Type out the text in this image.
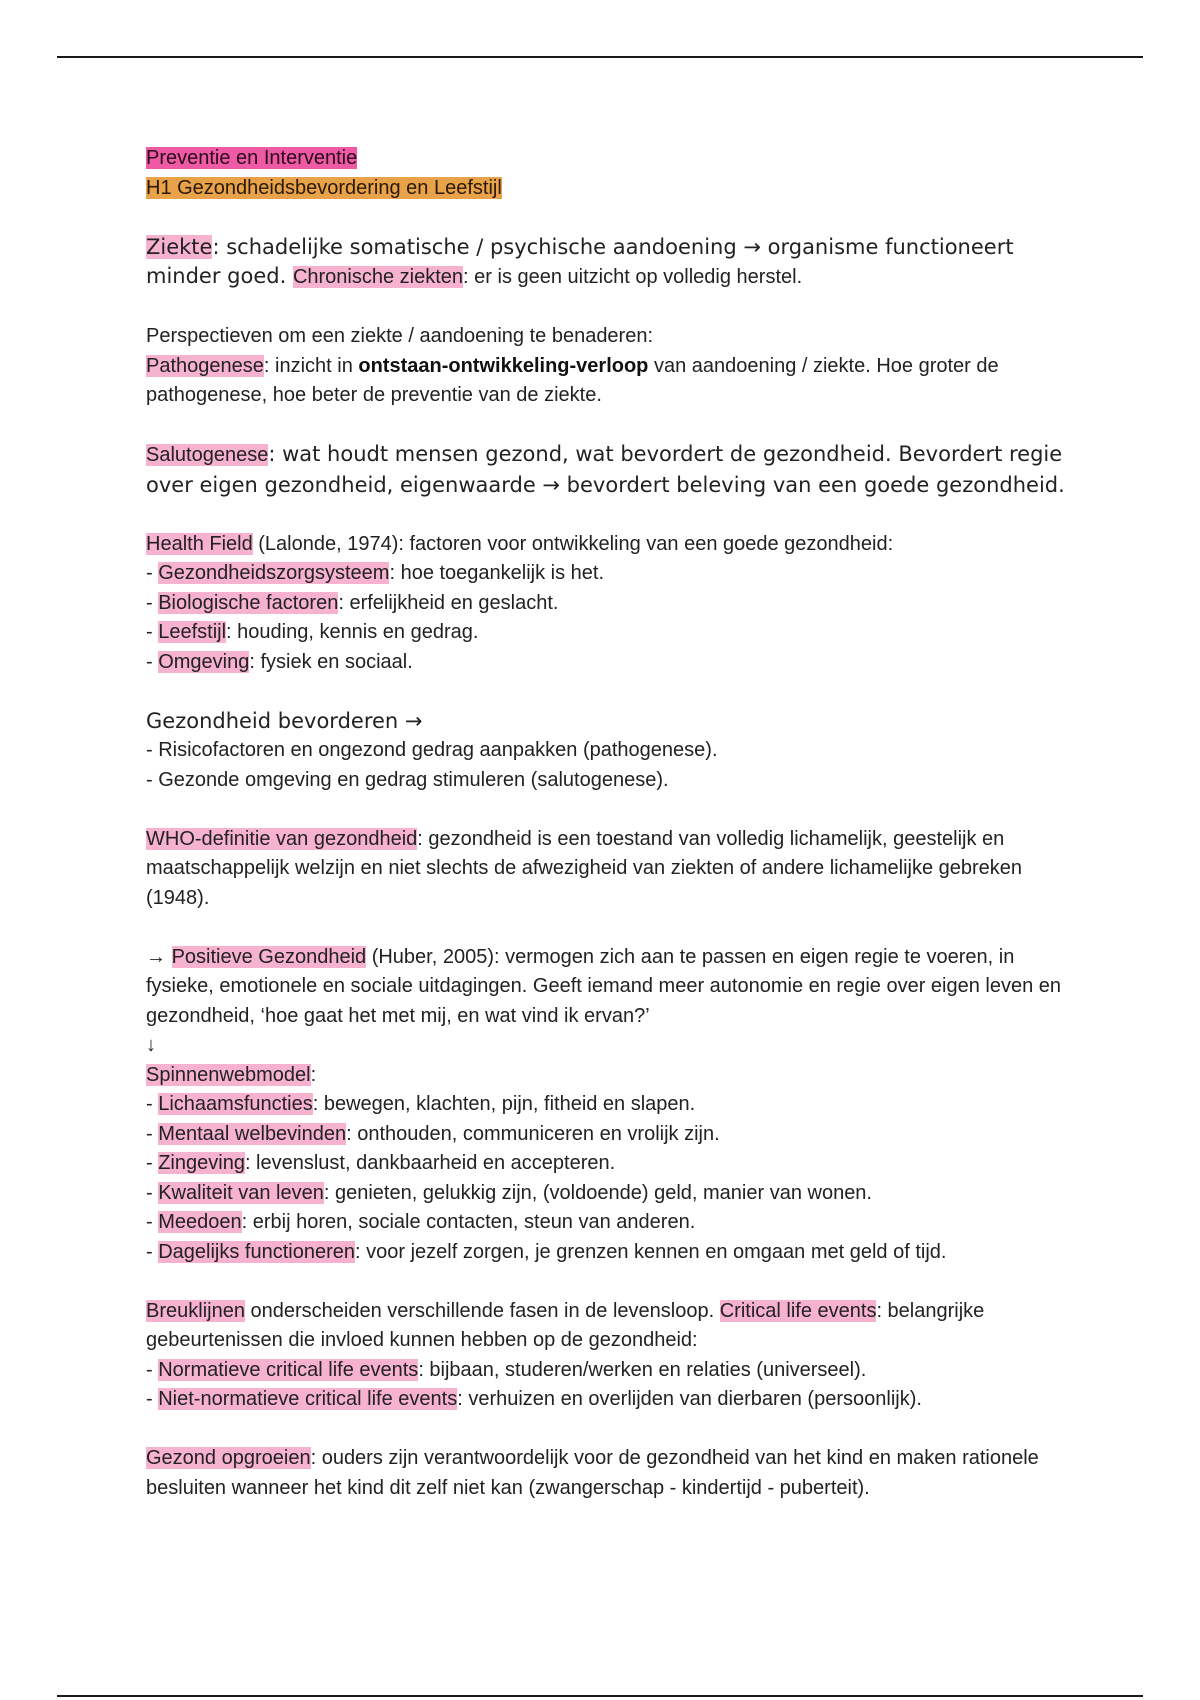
Preventie en Interventie

H1 Gezondheidsbevordering en Leefstijl

Ziekte: schadelijke somatische / psychische aandoening → organisme functioneert minder goed. Chronische ziekten: er is geen uitzicht op volledig herstel.

Perspectieven om een ziekte / aandoening te benaderen:

Pathogenese: inzicht in ontstaan-ontwikkeling-verloop van aandoening / ziekte. Hoe groter de pathogenese, hoe beter de preventie van de ziekte.

Salutogenese: wat houdt mensen gezond, wat bevordert de gezondheid. Bevordert regie over eigen gezondheid, eigenwaarde → bevordert beleving van een goede gezondheid.

Health Field (Lalonde, 1974): factoren voor ontwikkeling van een goede gezondheid:

- Gezondheidszorgsysteem: hoe toegankelijk is het.

- Biologische factoren: erfelijkheid en geslacht.

- Leefstijl: houding, kennis en gedrag.

- Omgeving: fysiek en sociaal.

Gezondheid bevorderen →

- Risicofactoren en ongezond gedrag aanpakken (pathogenese).

- Gezonde omgeving en gedrag stimuleren (salutogenese).

WHO-definitie van gezondheid: gezondheid is een toestand van volledig lichamelijk, geestelijk en maatschappelijk welzijn en niet slechts de afwezigheid van ziekten of andere lichamelijke gebreken (1948).

→ Positieve Gezondheid (Huber, 2005): vermogen zich aan te passen en eigen regie te voeren, in fysieke, emotionele en sociale uitdagingen. Geeft iemand meer autonomie en regie over eigen leven en gezondheid, ‘hoe gaat het met mij, en wat vind ik ervan?’

↓

Spinnenwebmodel:

- Lichaamsfuncties: bewegen, klachten, pijn, fitheid en slapen.

- Mentaal welbevinden: onthouden, communiceren en vrolijk zijn.

- Zingeving: levenslust, dankbaarheid en accepteren.

- Kwaliteit van leven: genieten, gelukkig zijn, (voldoende) geld, manier van wonen.

- Meedoen: erbij horen, sociale contacten, steun van anderen.

- Dagelijks functioneren: voor jezelf zorgen, je grenzen kennen en omgaan met geld of tijd.

Breuklijnen onderscheiden verschillende fasen in de levensloop. Critical life events: belangrijke gebeurtenissen die invloed kunnen hebben op de gezondheid:

- Normatieve critical life events: bijbaan, studeren/werken en relaties (universeel).

- Niet-normatieve critical life events: verhuizen en overlijden van dierbaren (persoonlijk).

Gezond opgroeien: ouders zijn verantwoordelijk voor de gezondheid van het kind en maken rationele besluiten wanneer het kind dit zelf niet kan (zwangerschap - kindertijd - puberteit).
